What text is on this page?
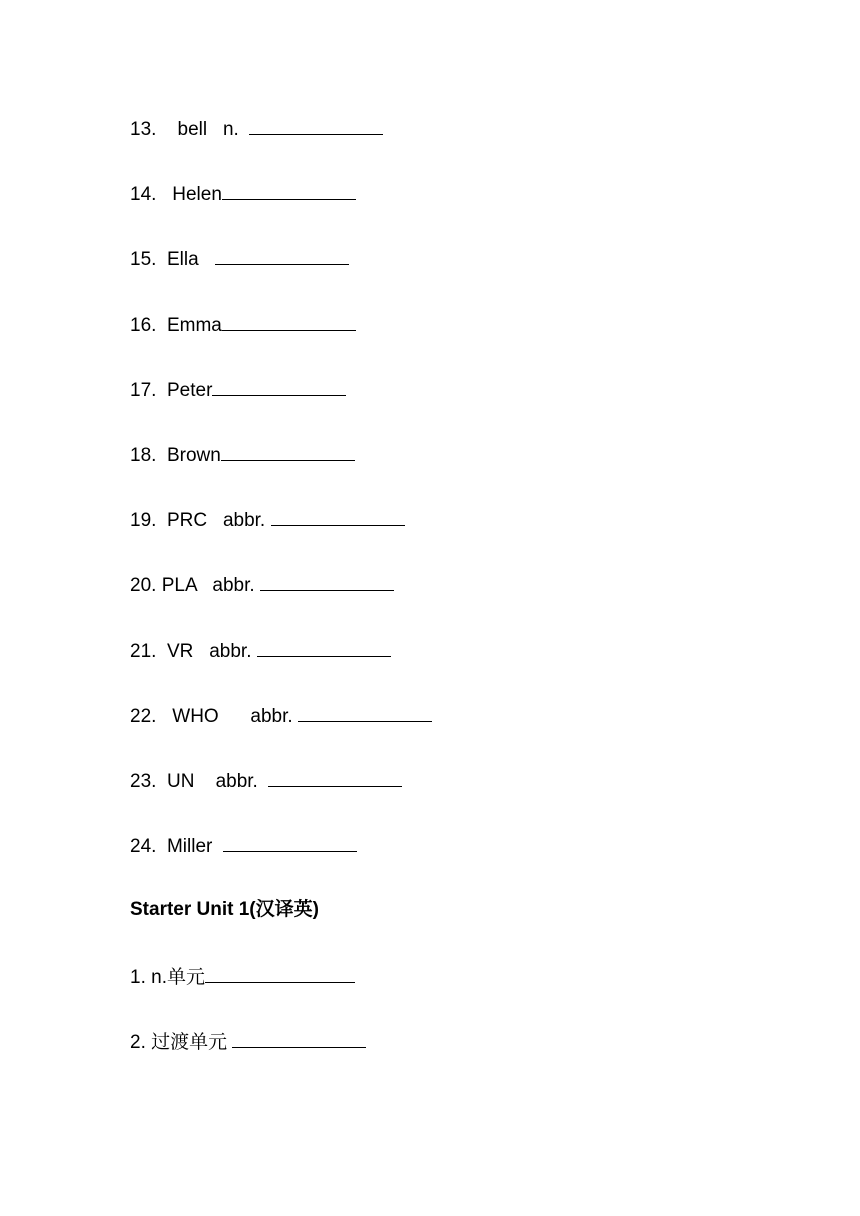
13. bell n.
14. Helen
15. Ella
16. Emma
17. Peter
18. Brown
19. PRC abbr.
20. PLA abbr.
21. VR abbr.
22. WHO abbr.
23. UN abbr.
24. Miller
Starter Unit 1(汉译英)
1. n.单元
2. 过渡单元
